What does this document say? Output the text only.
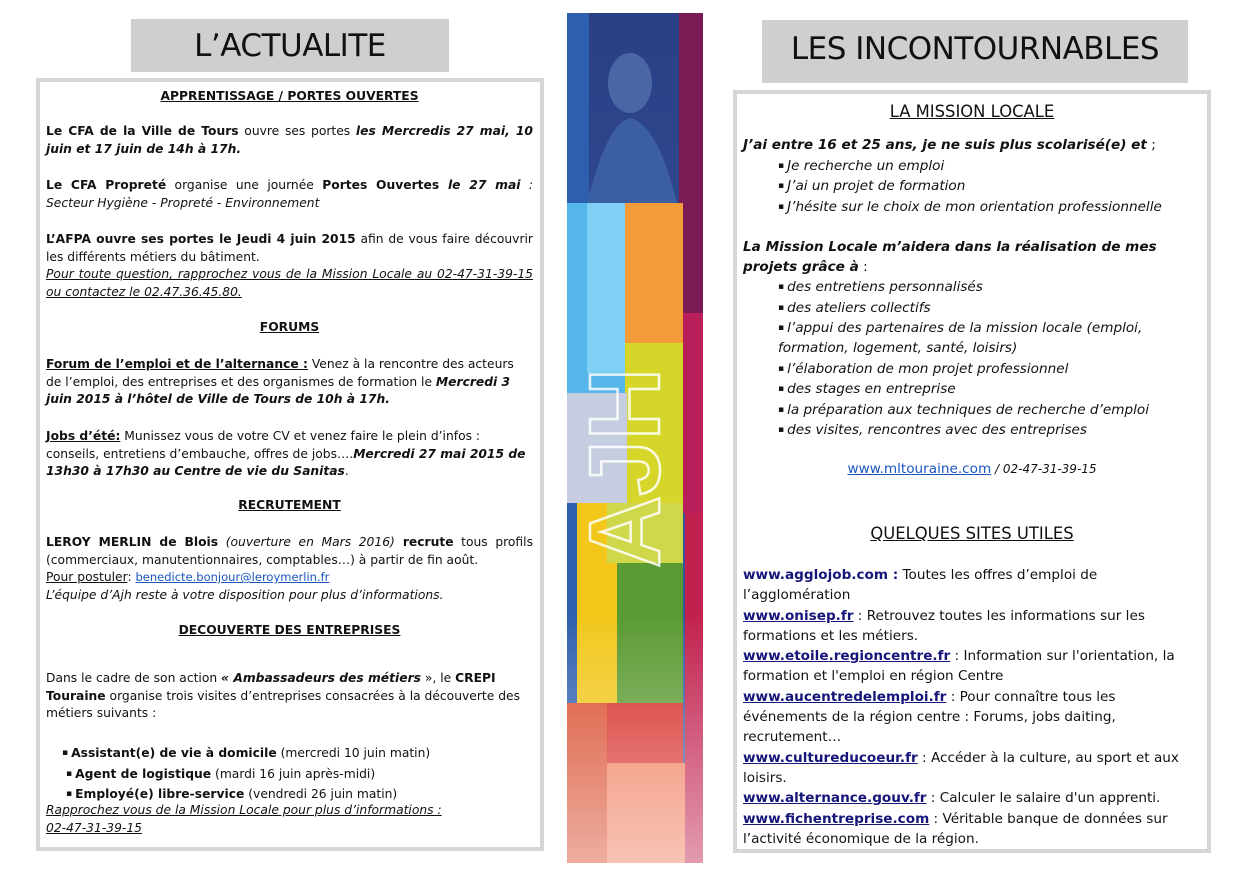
L’ACTUALITE	LES INCONTOURNABLES
APPRENTISSAGE / PORTES OUVERTES
Le CFA de la Ville de Tours ouvre ses portes les Mercredis 27 mai, 10 juin et 17 juin de 14h à 17h.
Le CFA Propreté organise une journée Portes Ouvertes le 27 mai : Secteur Hygiène - Propreté - Environnement
L’AFPA ouvre ses portes le Jeudi 4 juin 2015 afin de vous faire découvrir les différents métiers du bâtiment.
Pour toute question, rapprochez vous de la Mission Locale au 02-47-31-39-15 ou contactez le 02.47.36.45.80.
FORUMS
Forum de l’emploi et de l’alternance : Venez à la rencontre des acteurs de l’emploi, des entreprises et des organismes de formation le Mercredi 3 juin 2015 à l’hôtel de Ville de Tours de 10h à 17h.
Jobs d’été: Munissez vous de votre CV et venez faire le plein d’infos : conseils, entretiens d’embauche, offres de jobs….Mercredi 27 mai 2015 de 13h30 à 17h30 au Centre de vie du Sanitas.
RECRUTEMENT
LEROY MERLIN de Blois (ouverture en Mars 2016) recrute tous profils (commerciaux, manutentionnaires, comptables…) à partir de fin août.
Pour postuler: benedicte.bonjour@leroymerlin.fr
L’équipe d’Ajh reste à votre disposition pour plus d’informations.
DECOUVERTE DES ENTREPRISES
Dans le cadre de son action « Ambassadeurs des métiers », le CREPI Touraine organise trois visites d’entreprises consacrées à la découverte des métiers suivants :
▪ Assistant(e) de vie à domicile (mercredi 10 juin matin)
▪ Agent de logistique (mardi 16 juin après-midi)
▪ Employé(e) libre-service (vendredi 26 juin matin)
Rapprochez vous de la Mission Locale pour plus d’informations : 02-47-31-39-15
AJH
LA MISSION LOCALE
J’ai entre 16 et 25 ans, je ne suis plus scolarisé(e) et ;
▪ Je recherche un emploi
▪ J’ai un projet de formation
▪ J’hésite sur le choix de mon orientation professionnelle
La Mission Locale m’aidera dans la réalisation de mes projets grâce à :
▪ des entretiens personnalisés
▪ des ateliers collectifs
▪ l’appui des partenaires de la mission locale (emploi, formation, logement, santé, loisirs)
▪ l’élaboration de mon projet professionnel
▪ des stages en entreprise
▪ la préparation aux techniques de recherche d’emploi
▪ des visites, rencontres avec des entreprises
www.mltouraine.com / 02-47-31-39-15
QUELQUES SITES UTILES
www.agglojob.com : Toutes les offres d’emploi de l’agglomération
www.onisep.fr : Retrouvez toutes les informations sur les formations et les métiers.
www.etoile.regioncentre.fr : Information sur l'orientation, la formation et l'emploi en région Centre
www.aucentredelemploi.fr : Pour connaître tous les événements de la région centre : Forums, jobs daiting, recrutement…
www.cultureducoeur.fr : Accéder à la culture, au sport et aux loisirs.
www.alternance.gouv.fr : Calculer le salaire d'un apprenti.
www.fichentreprise.com : Véritable banque de données sur l’activité économique de la région.
